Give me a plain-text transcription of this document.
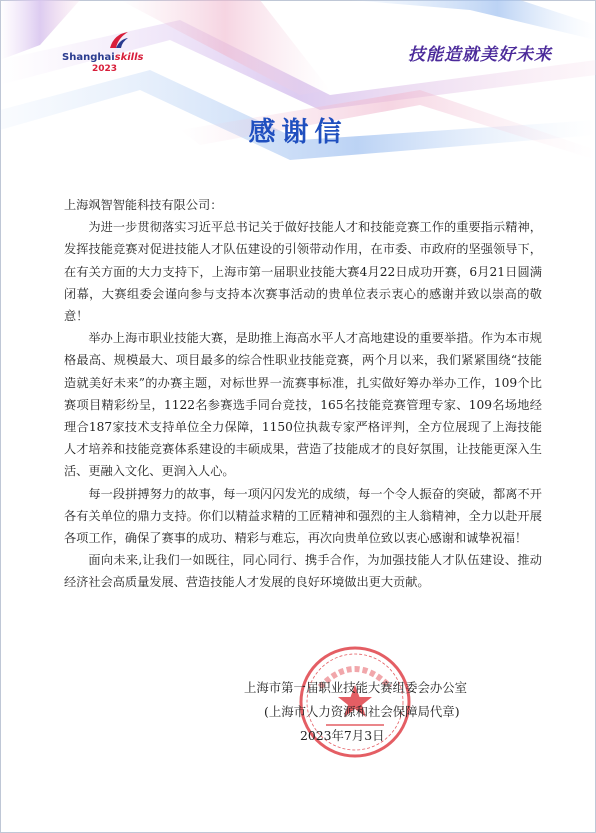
Shanghaiskills
2023
技能造就美好未来
感谢信

上海飒智智能科技有限公司：

为进一步贯彻落实习近平总书记关于做好技能人才和技能竞赛工作的重要指示精神，发挥技能竞赛对促进技能人才队伍建设的引领带动作用，在市委、市政府的坚强领导下，在有关方面的大力支持下，上海市第一届职业技能大赛4月22日成功开赛，6月21日圆满闭幕，大赛组委会谨向参与支持本次赛事活动的贵单位表示衷心的感谢并致以崇高的敬意！

举办上海市职业技能大赛，是助推上海高水平人才高地建设的重要举措。作为本市规格最高、规模最大、项目最多的综合性职业技能竞赛，两个月以来，我们紧紧围绕“技能造就美好未来”的办赛主题，对标世界一流赛事标准，扎实做好筹办举办工作，109个比赛项目精彩纷呈，1122名参赛选手同台竞技，165名技能竞赛管理专家、109名场地经理合187家技术支持单位全力保障，1150位执裁专家严格评判，全方位展现了上海技能人才培养和技能竞赛体系建设的丰硕成果，营造了技能成才的良好氛围，让技能更深入生活、更融入文化、更润入人心。

每一段拼搏努力的故事，每一项闪闪发光的成绩，每一个令人振奋的突破，都离不开各有关单位的鼎力支持。你们以精益求精的工匠精神和强烈的主人翁精神，全力以赴开展各项工作，确保了赛事的成功、精彩与难忘，再次向贵单位致以衷心感谢和诚挚祝福！

面向未来,让我们一如既往，同心同行、携手合作，为加强技能人才队伍建设、推动经济社会高质量发展、营造技能人才发展的良好环境做出更大贡献。

上海市第一届职业技能大赛组委会办公室
(上海市人力资源和社会保障局代章)
2023年7月3日
